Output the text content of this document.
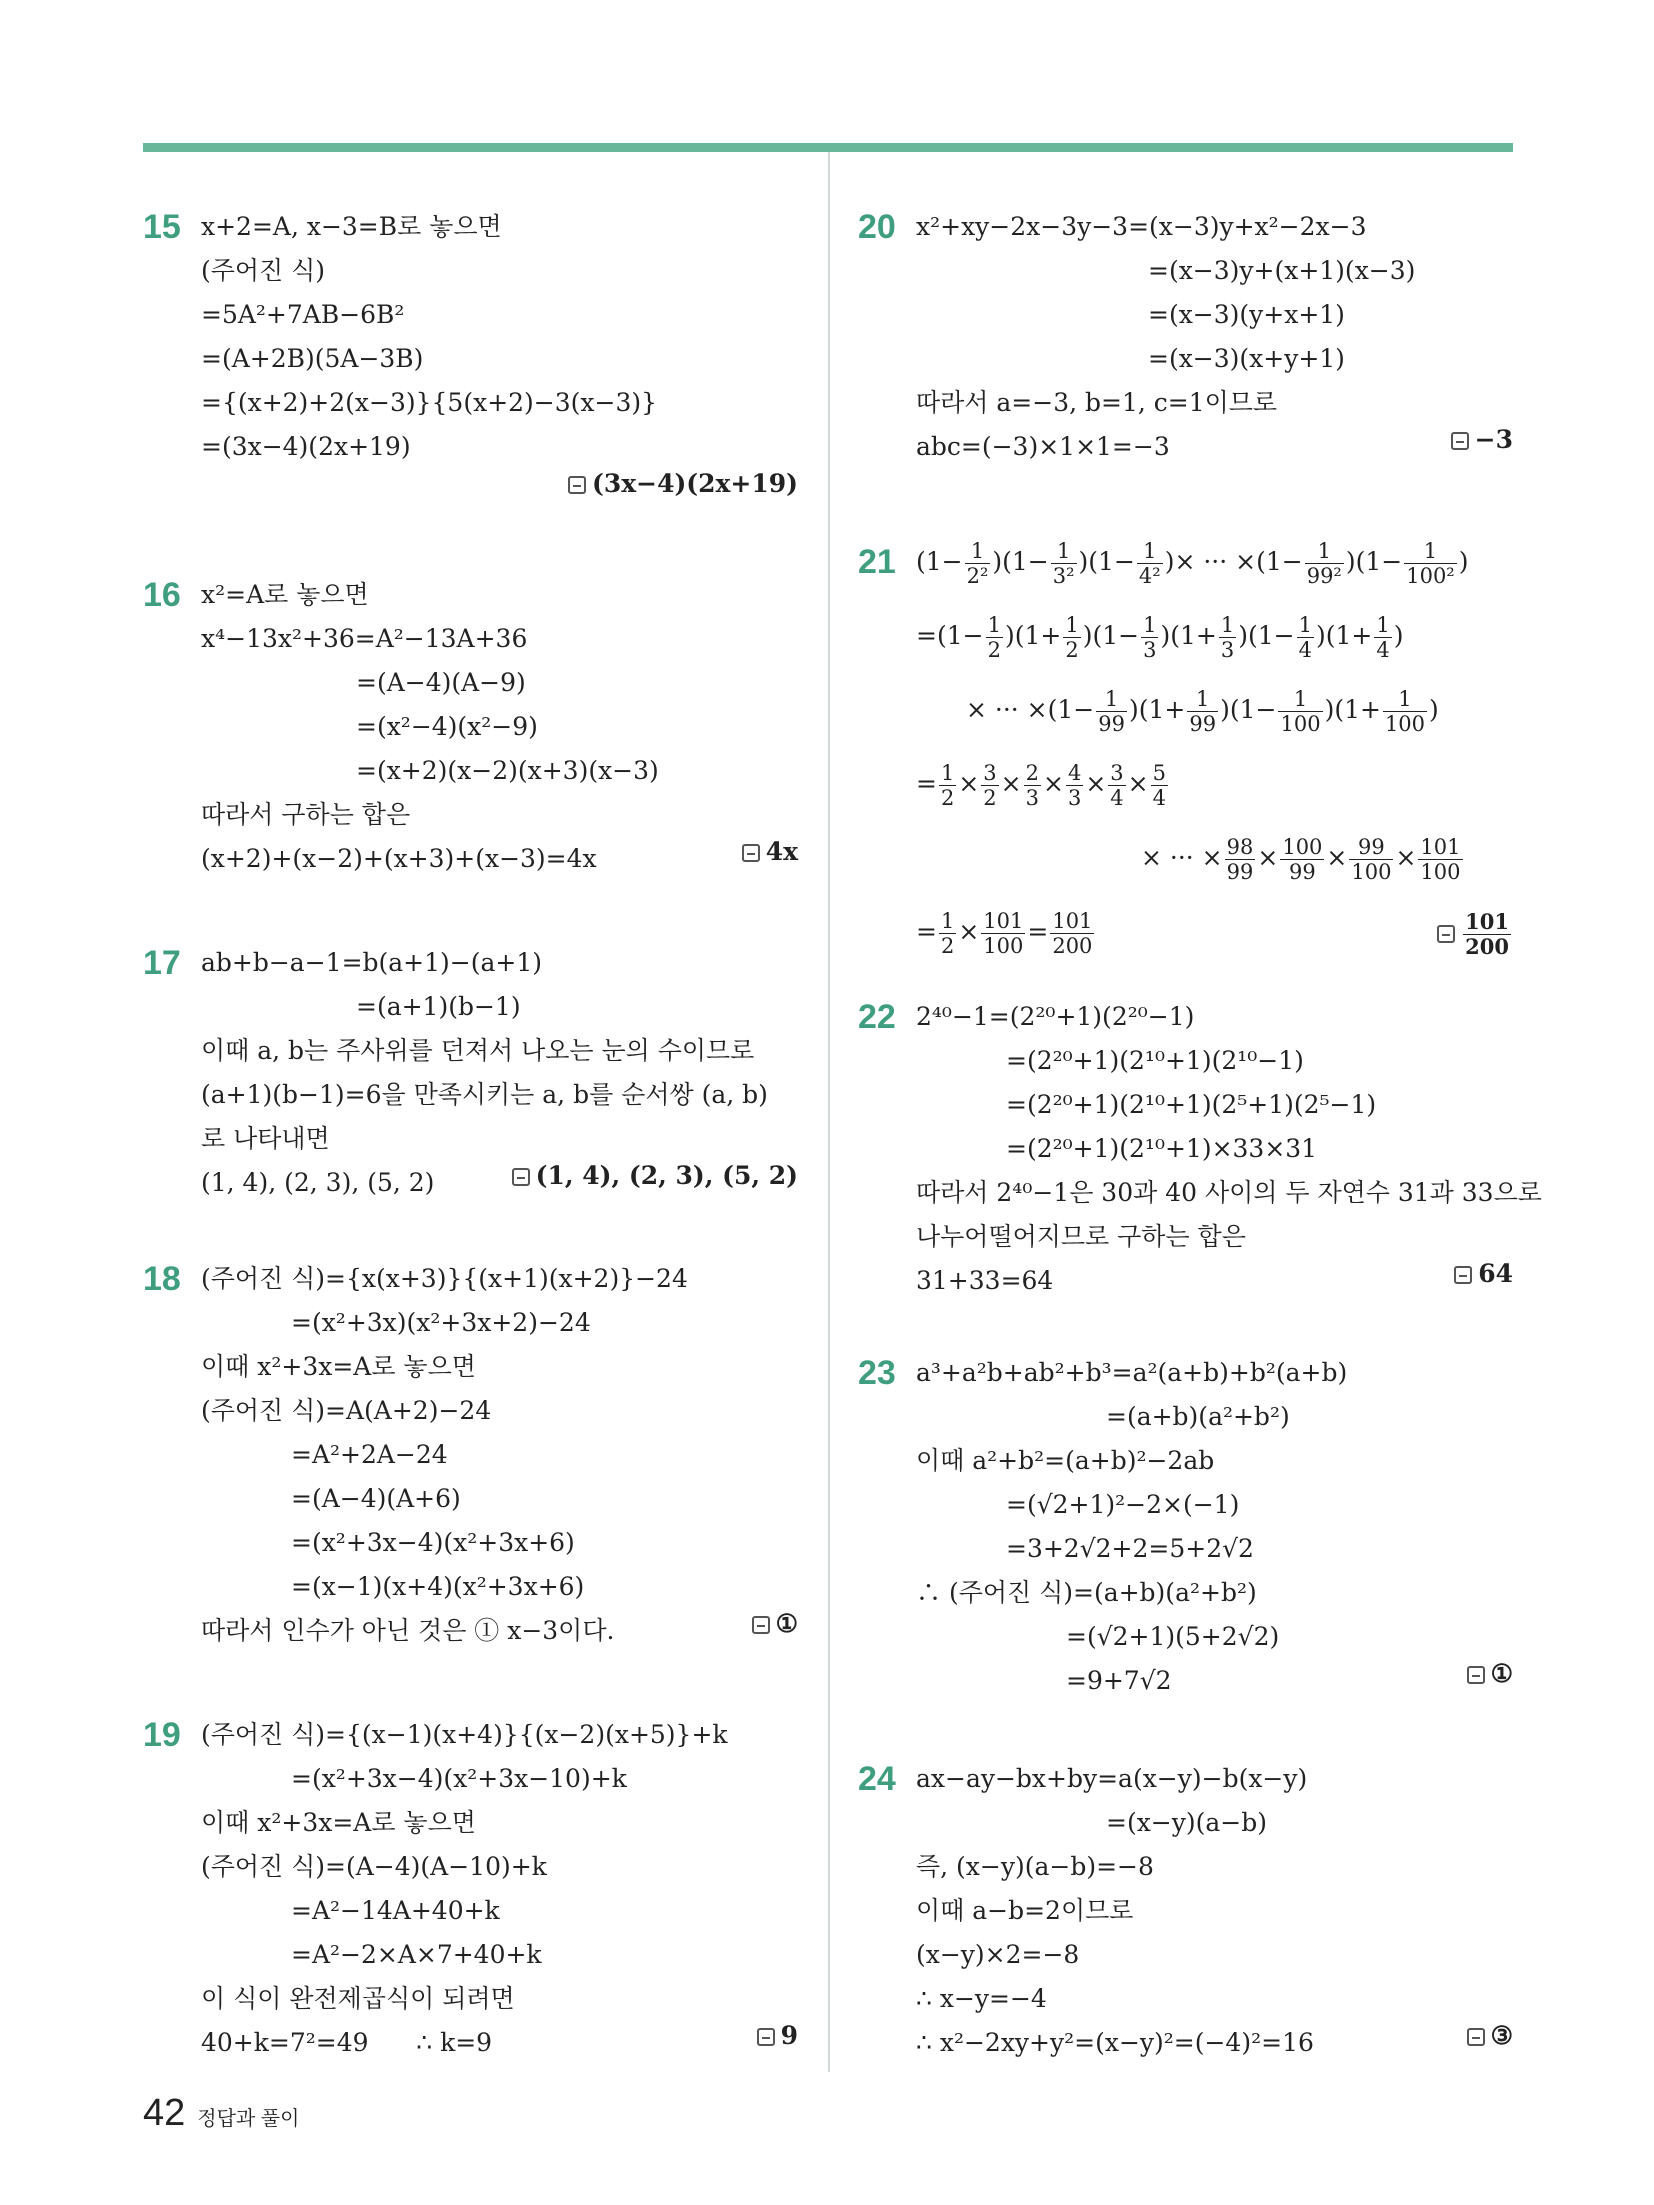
15 x+2=A, x−3=B로 놓으면
(주어진 식)
=5A²+7AB−6B²
=(A+2B)(5A−3B)
={(x+2)+2(x−3)}{5(x+2)−3(x−3)}
=(3x−4)(2x+19)
(3x−4)(2x+19)
16 x²=A로 놓으면
x⁴−13x²+36=A²−13A+36
=(A−4)(A−9)
=(x²−4)(x²−9)
=(x+2)(x−2)(x+3)(x−3)
따라서 구하는 합은
(x+2)+(x−2)+(x+3)+(x−3)=4x	4x
17 ab+b−a−1=b(a+1)−(a+1)
=(a+1)(b−1)
이때 a, b는 주사위를 던져서 나오는 눈의 수이므로
(a+1)(b−1)=6을 만족시키는 a, b를 순서쌍 (a, b)
로 나타내면
(1, 4), (2, 3), (5, 2)	(1, 4), (2, 3), (5, 2)
18 (주어진 식)={x(x+3)}{(x+1)(x+2)}−24
=(x²+3x)(x²+3x+2)−24
이때 x²+3x=A로 놓으면
(주어진 식)=A(A+2)−24
=A²+2A−24
=(A−4)(A+6)
=(x²+3x−4)(x²+3x+6)
=(x−1)(x+4)(x²+3x+6)
따라서 인수가 아닌 것은 ① x−3이다.	①
19 (주어진 식)={(x−1)(x+4)}{(x−2)(x+5)}+k
=(x²+3x−4)(x²+3x−10)+k
이때 x²+3x=A로 놓으면
(주어진 식)=(A−4)(A−10)+k
=A²−14A+40+k
=A²−2×A×7+40+k
이 식이 완전제곱식이 되려면
40+k=7²=49      ∴ k=9	9
20 x²+xy−2x−3y−3=(x−3)y+x²−2x−3
=(x−3)y+(x+1)(x−3)
=(x−3)(y+x+1)
=(x−3)(x+y+1)
따라서 a=−3, b=1, c=1이므로
abc=(−3)×1×1=−3	−3
21 $(1- \frac{1}{\text{2²}} )(1- \frac{1}{\text{3²}} )(1- \frac{1}{\text{4²}}$ )× ··· $\times(1- \frac{1}{\text{99²}} )(1- \frac{1}{\text{100²}}$ )
$=(1- \frac{1}{2} )(1+ \frac{1}{2} )(1- \frac{1}{3} )(1+ \frac{1}{3} )(1- \frac{1}{4} )(1+ \frac{1}{4}$ )
× ··· $\times(1- \frac{1}{99} )(1+ \frac{1}{99} )(1- \frac{1}{100} )(1+ \frac{1}{100}$ )
= $\frac{1}{2} \times \frac{3}{2} \times \frac{2}{3} \times \frac{4}{3} \times \frac{3}{4} \times \frac{5}{4}$
× ··· × $\frac{98}{99} \times \frac{100}{99} \times \frac{99}{100} \times \frac{101}{100}$
= $\frac{1}{2} \times \frac{101}{100} = \frac{101}{200}$	$\frac{101}{200}$
22 2⁴⁰−1=(2²⁰+1)(2²⁰−1)
=(2²⁰+1)(2¹⁰+1)(2¹⁰−1)
=(2²⁰+1)(2¹⁰+1)(2⁵+1)(2⁵−1)
=(2²⁰+1)(2¹⁰+1)×33×31
따라서 2⁴⁰−1은 30과 40 사이의 두 자연수 31과 33으로
나누어떨어지므로 구하는 합은
31+33=64	64
23 a³+a²b+ab²+b³=a²(a+b)+b²(a+b)
=(a+b)(a²+b²)
이때 a²+b²=(a+b)²−2ab
=(√2+1)²−2×(−1)
=3+2√2+2=5+2√2
∴ (주어진 식)=(a+b)(a²+b²)
=(√2+1)(5+2√2)
=9+7√2	①
24 ax−ay−bx+by=a(x−y)−b(x−y)
=(x−y)(a−b)
즉, (x−y)(a−b)=−8
이때 a−b=2이므로
(x−y)×2=−8
∴ x−y=−4
∴ x²−2xy+y²=(x−y)²=(−4)²=16	③
42 정답과 풀이
